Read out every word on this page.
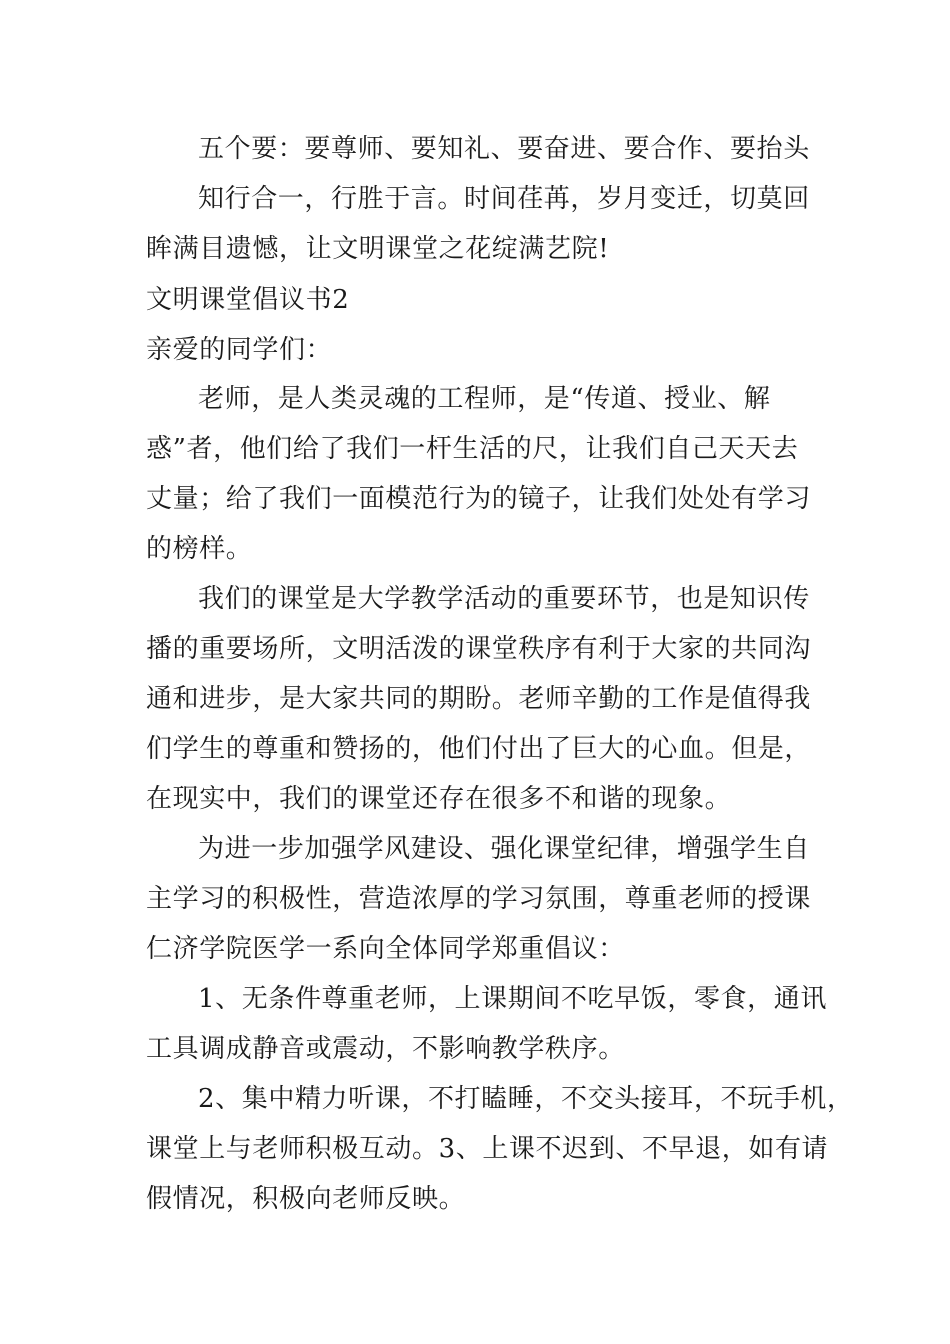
五个要：要尊师、要知礼、要奋进、要合作、要抬头
知行合一，行胜于言。时间荏苒，岁月变迁，切莫回
眸满目遗憾，让文明课堂之花绽满艺院!
文明课堂倡议书2
亲爱的同学们：
老师，是人类灵魂的工程师，是“传道、授业、解
惑”者，他们给了我们一杆生活的尺，让我们自己天天去
丈量；给了我们一面模范行为的镜子，让我们处处有学习
的榜样。
我们的课堂是大学教学活动的重要环节，也是知识传
播的重要场所，文明活泼的课堂秩序有利于大家的共同沟
通和进步，是大家共同的期盼。老师辛勤的工作是值得我
们学生的尊重和赞扬的，他们付出了巨大的心血。但是，
在现实中，我们的课堂还存在很多不和谐的现象。
为进一步加强学风建设、强化课堂纪律，增强学生自
主学习的积极性，营造浓厚的学习氛围，尊重老师的授课
仁济学院医学一系向全体同学郑重倡议：
1、无条件尊重老师，上课期间不吃早饭，零食，通讯
工具调成静音或震动，不影响教学秩序。
2、集中精力听课，不打瞌睡，不交头接耳，不玩手机，
课堂上与老师积极互动。3、上课不迟到、不早退，如有请
假情况，积极向老师反映。
